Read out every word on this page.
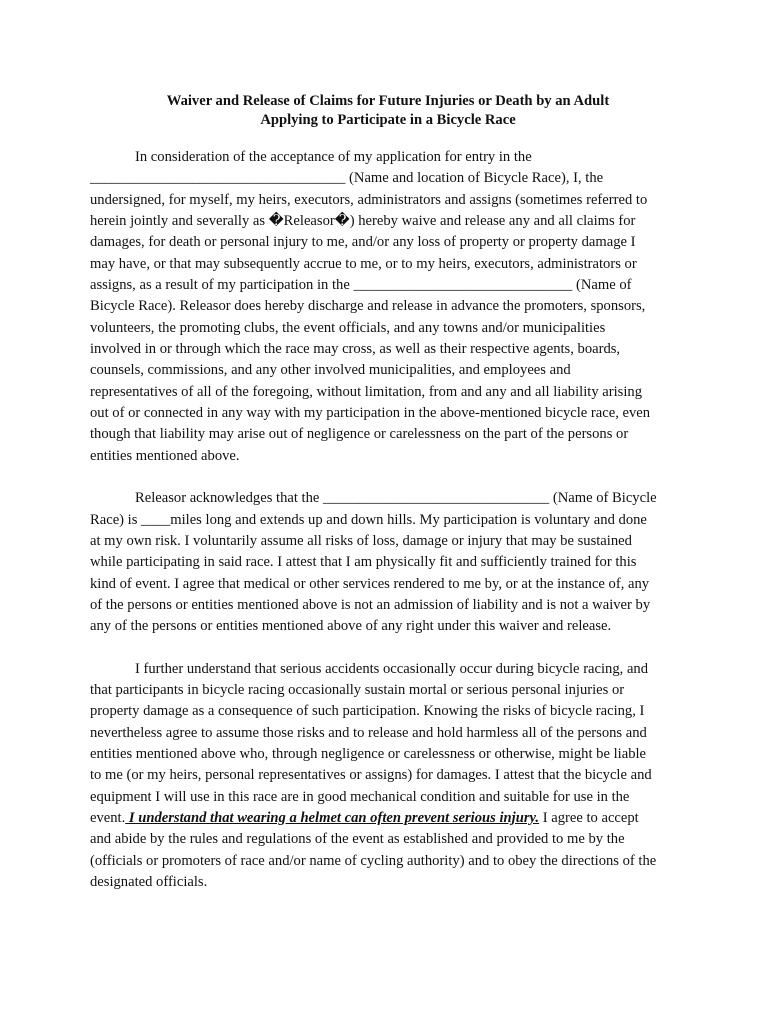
Waiver and Release of Claims for Future Injuries or Death by an Adult
Applying to Participate in a Bicycle Race

In consideration of the acceptance of my application for entry in the
___________________________________ (Name and location of Bicycle Race), I, the
undersigned, for myself, my heirs, executors, administrators and assigns (sometimes referred to
herein jointly and severally as �Releasor�) hereby waive and release any and all claims for
damages, for death or personal injury to me, and/or any loss of property or property damage I
may have, or that may subsequently accrue to me, or to my heirs, executors, administrators or
assigns, as a result of my participation in the ______________________________ (Name of
Bicycle Race). Releasor does hereby discharge and release in advance the promoters, sponsors,
volunteers, the promoting clubs, the event officials, and any towns and/or municipalities
involved in or through which the race may cross, as well as their respective agents, boards,
counsels, commissions, and any other involved municipalities, and employees and
representatives of all of the foregoing, without limitation, from and any and all liability arising
out of or connected in any way with my participation in the above-mentioned bicycle race, even
though that liability may arise out of negligence or carelessness on the part of the persons or
entities mentioned above.

Releasor acknowledges that the _______________________________ (Name of Bicycle
Race) is ____miles long and extends up and down hills. My participation is voluntary and done
at my own risk. I voluntarily assume all risks of loss, damage or injury that may be sustained
while participating in said race. I attest that I am physically fit and sufficiently trained for this
kind of event. I agree that medical or other services rendered to me by, or at the instance of, any
of the persons or entities mentioned above is not an admission of liability and is not a waiver by
any of the persons or entities mentioned above of any right under this waiver and release.

I further understand that serious accidents occasionally occur during bicycle racing, and
that participants in bicycle racing occasionally sustain mortal or serious personal injuries or
property damage as a consequence of such participation. Knowing the risks of bicycle racing, I
nevertheless agree to assume those risks and to release and hold harmless all of the persons and
entities mentioned above who, through negligence or carelessness or otherwise, might be liable
to me (or my heirs, personal representatives or assigns) for damages. I attest that the bicycle and
equipment I will use in this race are in good mechanical condition and suitable for use in the
event. I understand that wearing a helmet can often prevent serious injury. I agree to accept
and abide by the rules and regulations of the event as established and provided to me by the
(officials or promoters of race and/or name of cycling authority) and to obey the directions of the
designated officials.
